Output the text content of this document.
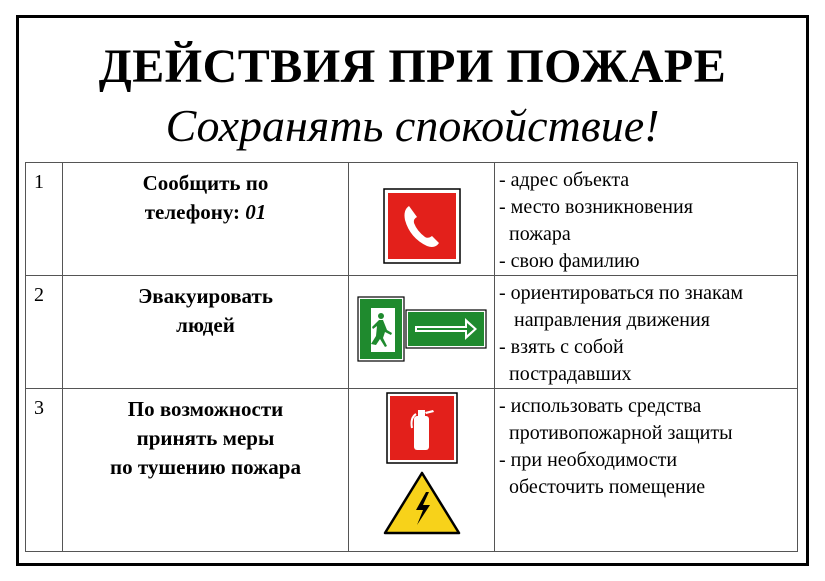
ДЕЙСТВИЯ ПРИ ПОЖАРЕ
Сохранять спокойствие!
1	Сообщить по
телефону: 01		- адрес объекта
- место возникновения
пожара
- свою фамилию

2	Эвакуировать
людей		- ориентироваться по знакам
направления движения
- взять с собой
пострадавших

3	По возможности
принять меры
по тушению пожара		- использовать средства
противопожарной защиты
- при необходимости
обесточить помещение
